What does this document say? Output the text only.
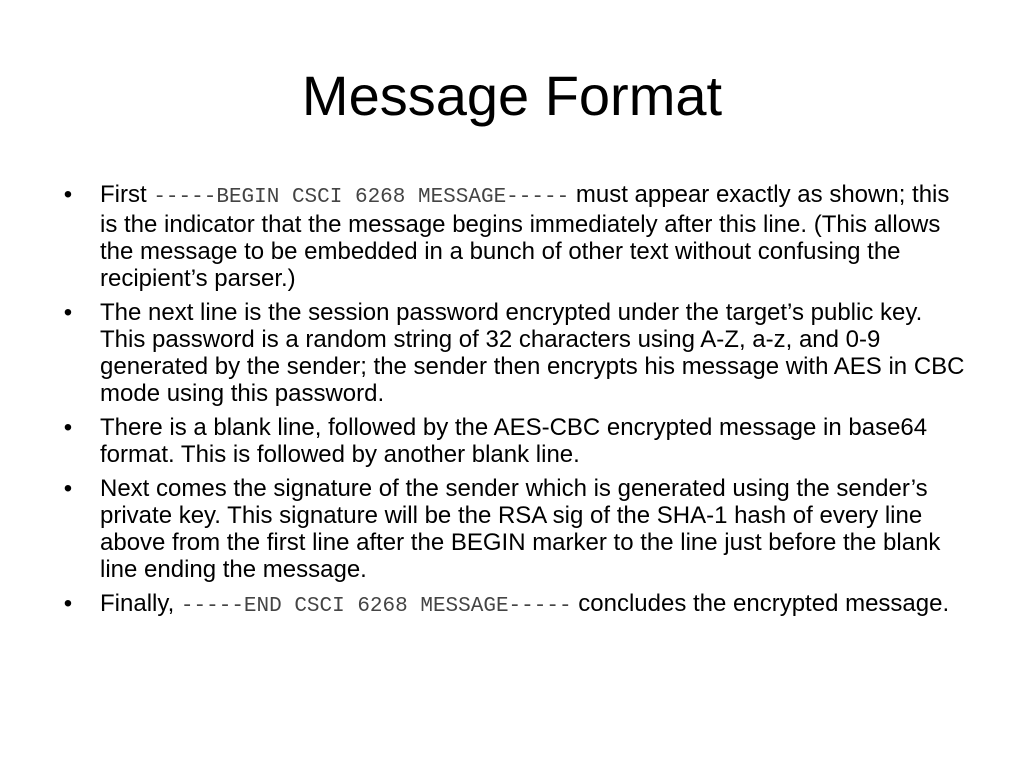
Message Format
• First -----BEGIN CSCI 6268 MESSAGE----- must appear exactly as shown; this is the indicator that the message begins immediately after this line. (This allows the message to be embedded in a bunch of other text without confusing the recipient’s parser.)
• The next line is the session password encrypted under the target’s public key. This password is a random string of 32 characters using A-Z, a-z, and 0-9 generated by the sender; the sender then encrypts his message with AES in CBC mode using this password.
• There is a blank line, followed by the AES-CBC encrypted message in base64 format. This is followed by another blank line.
• Next comes the signature of the sender which is generated using the sender’s private key. This signature will be the RSA sig of the SHA-1 hash of every line above from the first line after the BEGIN marker to the line just before the blank line ending the message.
• Finally, -----END CSCI 6268 MESSAGE----- concludes the encrypted message.
